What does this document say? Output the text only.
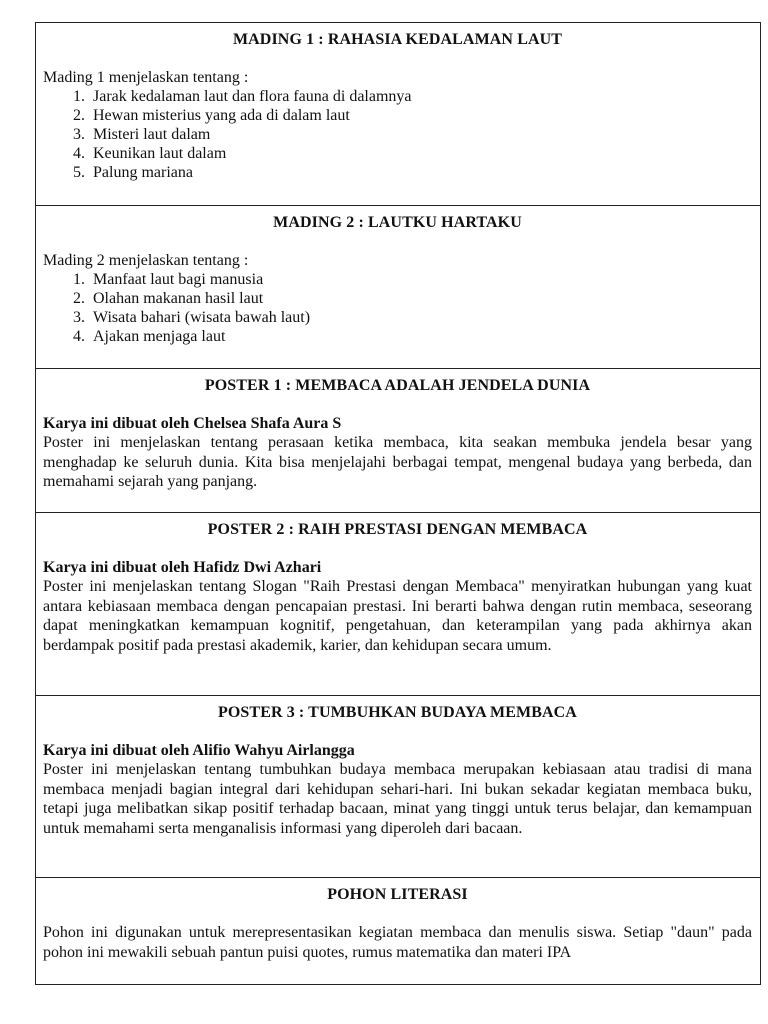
MADING 1 : RAHASIA KEDALAMAN LAUT
Mading 1 menjelaskan tentang :
1. Jarak kedalaman laut dan flora fauna di dalamnya
2. Hewan misterius yang ada di dalam laut
3. Misteri laut dalam
4. Keunikan laut dalam
5. Palung mariana
MADING 2 : LAUTKU HARTAKU
Mading 2 menjelaskan tentang :
1. Manfaat laut bagi manusia
2. Olahan makanan hasil laut
3. Wisata bahari (wisata bawah laut)
4. Ajakan menjaga laut
POSTER 1 : MEMBACA ADALAH JENDELA DUNIA
Karya ini dibuat oleh Chelsea Shafa Aura S

Poster ini menjelaskan tentang perasaan ketika membaca, kita seakan membuka jendela besar yang menghadap ke seluruh dunia. Kita bisa menjelajahi berbagai tempat, mengenal budaya yang berbeda, dan memahami sejarah yang panjang.

POSTER 2 : RAIH PRESTASI DENGAN MEMBACA
Karya ini dibuat oleh Hafidz Dwi Azhari

Poster ini menjelaskan tentang Slogan "Raih Prestasi dengan Membaca" menyiratkan hubungan yang kuat antara kebiasaan membaca dengan pencapaian prestasi. Ini berarti bahwa dengan rutin membaca, seseorang dapat meningkatkan kemampuan kognitif, pengetahuan, dan keterampilan yang pada akhirnya akan berdampak positif pada prestasi akademik, karier, dan kehidupan secara umum.

POSTER 3 : TUMBUHKAN BUDAYA MEMBACA
Karya ini dibuat oleh Alifio Wahyu Airlangga

Poster ini menjelaskan tentang tumbuhkan budaya membaca merupakan kebiasaan atau tradisi di mana membaca menjadi bagian integral dari kehidupan sehari-hari. Ini bukan sekadar kegiatan membaca buku, tetapi juga melibatkan sikap positif terhadap bacaan, minat yang tinggi untuk terus belajar, dan kemampuan untuk memahami serta menganalisis informasi yang diperoleh dari bacaan.

POHON LITERASI

Pohon ini digunakan untuk merepresentasikan kegiatan membaca dan menulis siswa. Setiap "daun" pada pohon ini mewakili sebuah pantun puisi quotes, rumus matematika dan materi IPA
